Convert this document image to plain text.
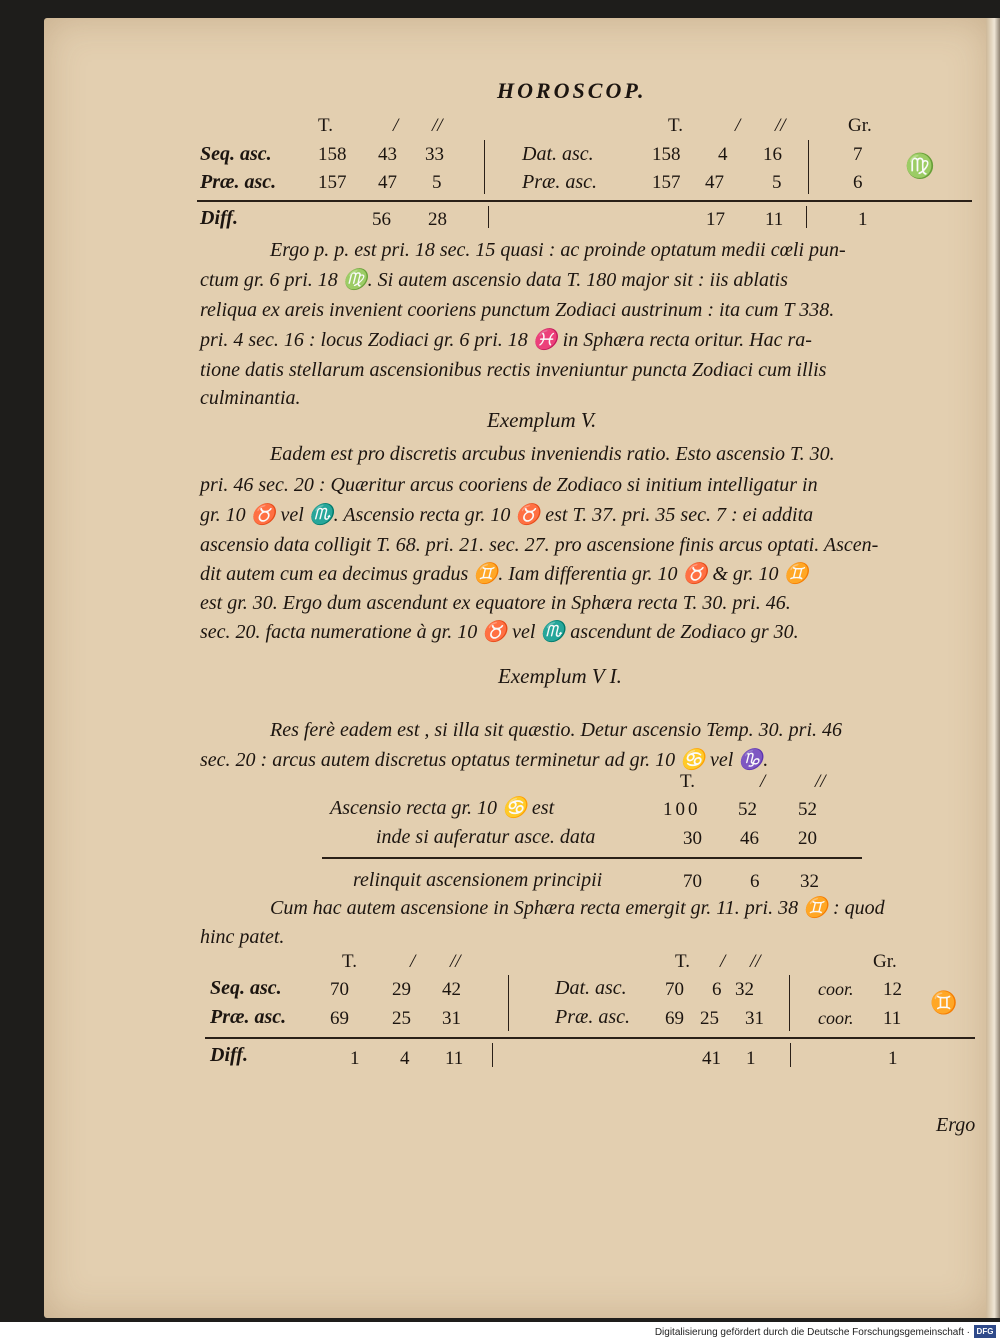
HOROSCOP.
T.	/ //	T.	/ //	Gr.
Seq. asc. 158 43 33	Dat. asc.	158 4 16	7
Præ. asc. 157 47 5	Præ. asc.	157 47	5	6
♍
Diff.	56 28	17 11	1
Ergo p. p. est pri. 18 sec. 15 quasi : ac proinde optatum medii cœli pun-
ctum gr. 6 pri. 18 ♍. Si autem ascensio data T. 180 major sit : iis ablatis
reliqua ex areis invenient cooriens punctum Zodiaci austrinum : ita cum T 338.
pri. 4 sec. 16 : locus Zodiaci gr. 6 pri. 18 ♓ in Sphæra recta oritur. Hac ra-
tione datis stellarum ascensionibus rectis inveniuntur puncta Zodiaci cum illis
culminantia.
Exemplum V.
Eadem est pro discretis arcubus inveniendis ratio. Esto ascensio T. 30.
pri. 46 sec. 20 : Quæritur arcus cooriens de Zodiaco si initium intelligatur in
gr. 10 ♉ vel ♏. Ascensio recta gr. 10 ♉ est T. 37. pri. 35 sec. 7 : ei addita
ascensio data colligit T. 68. pri. 21. sec. 27. pro ascensione finis arcus optati. Ascen-
dit autem cum ea decimus gradus ♊. Iam differentia gr. 10 ♉ & gr. 10 ♊
est gr. 30. Ergo dum ascendunt ex equatore in Sphæra recta T. 30. pri. 46.
sec. 20. facta numeratione à gr. 10 ♉ vel ♏ ascendunt de Zodiaco gr 30.
Exemplum V I.
Res ferè eadem est , si illa sit quæstio. Detur ascensio Temp. 30. pri. 46
sec. 20 : arcus autem discretus optatus terminetur ad gr. 10 ♋ vel ♑.
T.	/	//
Ascensio recta gr. 10 ♋ est	100 52 52
inde si auferatur asce. data	30 46 20
relinquit ascensionem principii	70	6 32
Cum hac autem ascensione in Sphæra recta emergit gr. 11. pri. 38 ♊ : quod
hinc patet.
T.	/ //	T. / //	Gr.
Seq. asc.	70 29 42	Dat. asc. 70 6 32	coor. 12
Præ. asc. 69 25 31	Præ. asc. 69 25 31	coor. 11
♊
Diff.	1 4 11	41 1	1
Ergo
Digitalisierung gefördert durch die Deutsche Forschungsgemeinschaft · DFG
